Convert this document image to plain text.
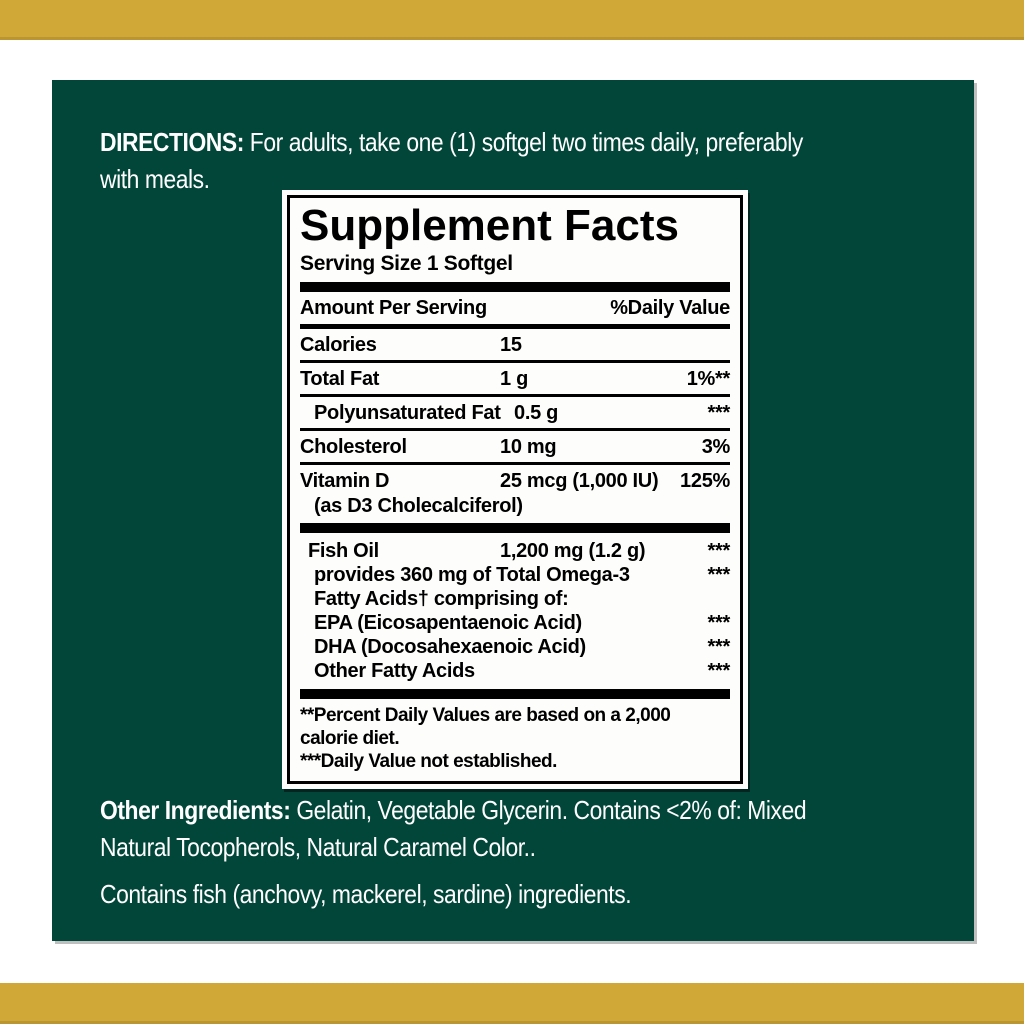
DIRECTIONS: For adults, take one (1) softgel two times daily, preferably
with meals.
Supplement Facts
Serving Size 1 Softgel
Amount Per Serving	%Daily Value
Calories	15
Total Fat	1 g	1%**
Polyunsaturated Fat 0.5 g	***
Cholesterol	10 mg	3%
Vitamin D	25 mcg (1,000 IU)	125%
(as D3 Cholecalciferol)
Fish Oil	1,200 mg (1.2 g)	***
provides 360 mg of Total Omega-3	***
Fatty Acids† comprising of:
EPA (Eicosapentaenoic Acid)	***
DHA (Docosahexaenoic Acid)	***
Other Fatty Acids	***
**Percent Daily Values are based on a 2,000
calorie diet.
***Daily Value not established.
Other Ingredients: Gelatin, Vegetable Glycerin. Contains <2% of: Mixed
Natural Tocopherols, Natural Caramel Color..
Contains fish (anchovy, mackerel, sardine) ingredients.
